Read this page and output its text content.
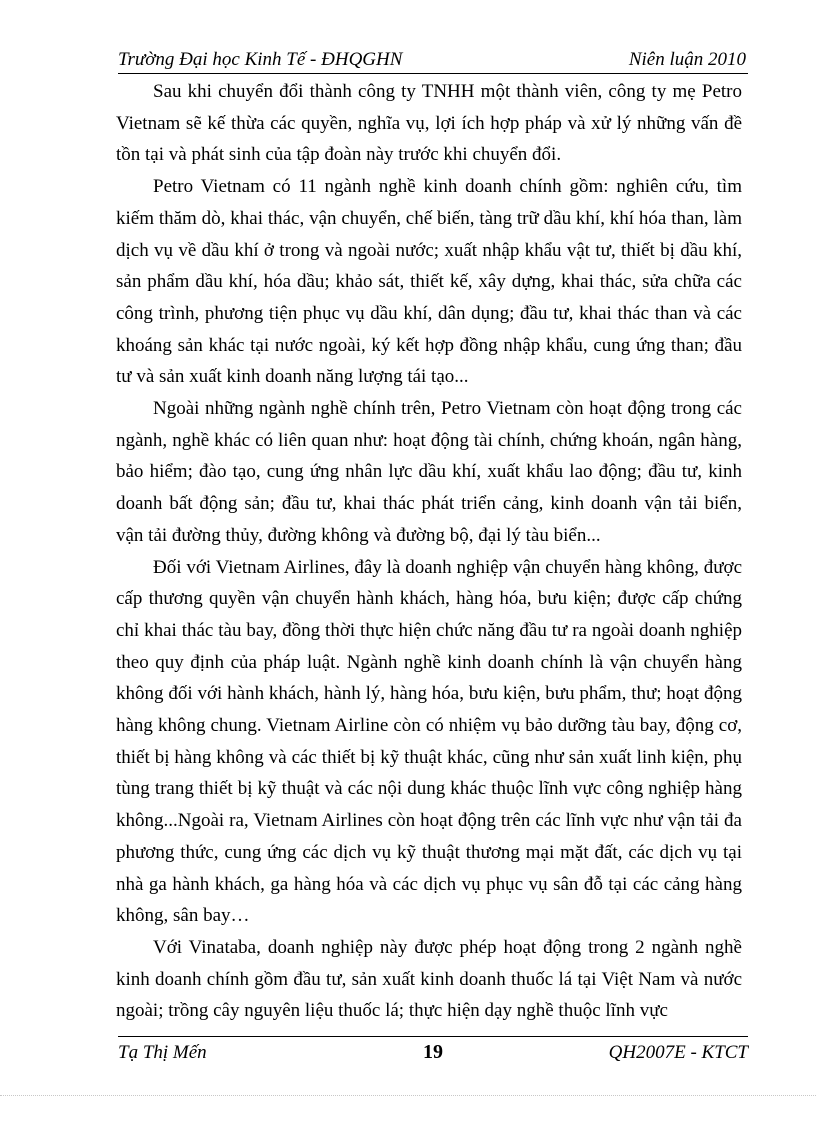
Trường Đại học Kinh Tế - ĐHQGHN	Niên luận 2010

Sau khi chuyển đổi thành công ty TNHH một thành viên, công ty mẹ Petro Vietnam sẽ kế thừa các quyền, nghĩa vụ, lợi ích hợp pháp và xử lý những vấn đề tồn tại và phát sinh của tập đoàn này trước khi chuyển đổi.

Petro Vietnam có 11 ngành nghề kinh doanh chính gồm: nghiên cứu, tìm kiếm thăm dò, khai thác, vận chuyển, chế biến, tàng trữ dầu khí, khí hóa than, làm dịch vụ về dầu khí ở trong và ngoài nước; xuất nhập khẩu vật tư, thiết bị dầu khí, sản phẩm dầu khí, hóa dầu; khảo sát, thiết kế, xây dựng, khai thác, sửa chữa các công trình, phương tiện phục vụ dầu khí, dân dụng; đầu tư, khai thác than và các khoáng sản khác tại nước ngoài, ký kết hợp đồng nhập khẩu, cung ứng than; đầu tư và sản xuất kinh doanh năng lượng tái tạo...

Ngoài những ngành nghề chính trên, Petro Vietnam còn hoạt động trong các ngành, nghề khác có liên quan như: hoạt động tài chính, chứng khoán, ngân hàng, bảo hiểm; đào tạo, cung ứng nhân lực dầu khí, xuất khẩu lao động; đầu tư, kinh doanh bất động sản; đầu tư, khai thác phát triển cảng, kinh doanh vận tải biển, vận tải đường thủy, đường không và đường bộ, đại lý tàu biển...

Đối với Vietnam Airlines, đây là doanh nghiệp vận chuyển hàng không, được cấp thương quyền vận chuyển hành khách, hàng hóa, bưu kiện; được cấp chứng chỉ khai thác tàu bay, đồng thời thực hiện chức năng đầu tư ra ngoài doanh nghiệp theo quy định của pháp luật. Ngành nghề kinh doanh chính là vận chuyển hàng không đối với hành khách, hành lý, hàng hóa, bưu kiện, bưu phẩm, thư; hoạt động hàng không chung. Vietnam Airline còn có nhiệm vụ bảo dưỡng tàu bay, động cơ, thiết bị hàng không và các thiết bị kỹ thuật khác, cũng như sản xuất linh kiện, phụ tùng trang thiết bị kỹ thuật và các nội dung khác thuộc lĩnh vực công nghiệp hàng không...Ngoài ra, Vietnam Airlines còn hoạt động trên các lĩnh vực như vận tải đa phương thức, cung ứng các dịch vụ kỹ thuật thương mại mặt đất, các dịch vụ tại nhà ga hành khách, ga hàng hóa và các dịch vụ phục vụ sân đỗ tại các cảng hàng không, sân bay…

Với Vinataba, doanh nghiệp này được phép hoạt động trong 2 ngành nghề kinh doanh chính gồm đầu tư, sản xuất kinh doanh thuốc lá tại Việt Nam và nước ngoài; trồng cây nguyên liệu thuốc lá; thực hiện dạy nghề thuộc lĩnh vực

Tạ Thị Mến	19	QH2007E - KTCT
